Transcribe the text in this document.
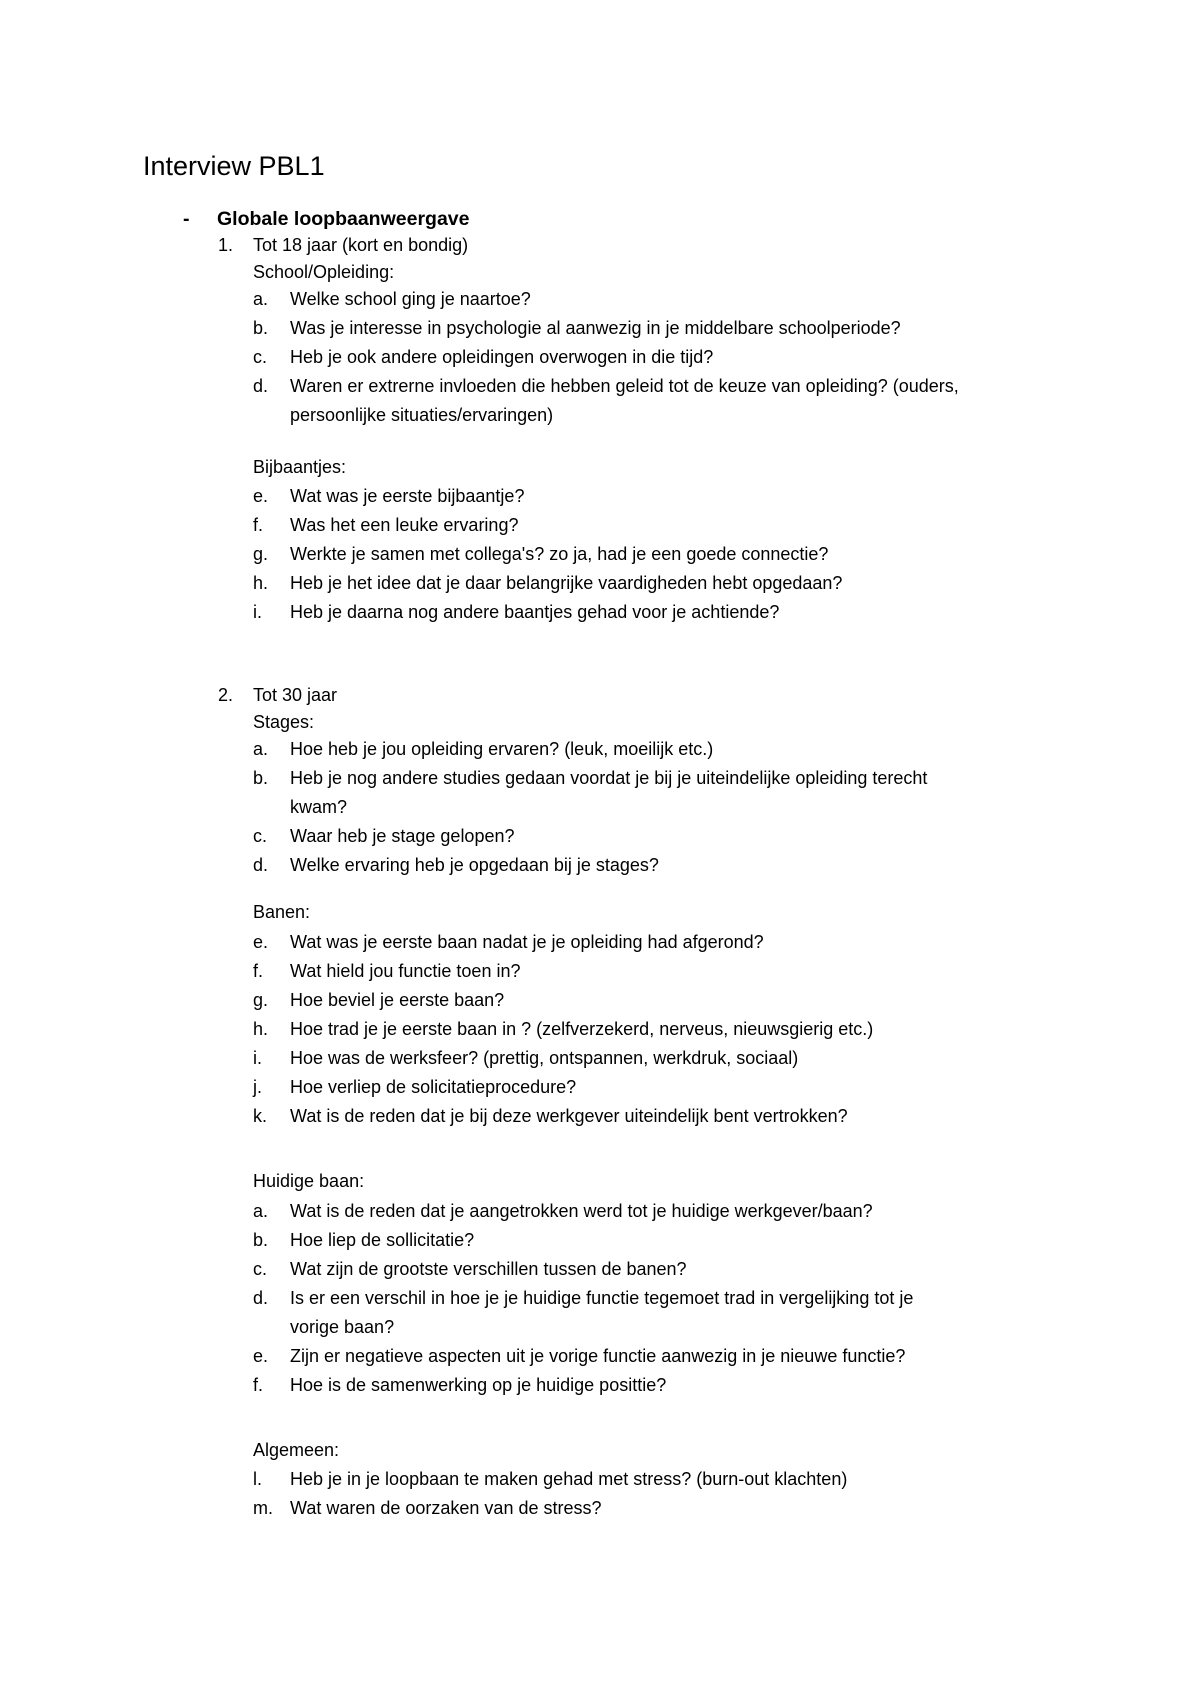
Interview PBL1
- Globale loopbaanweergave
1. Tot 18 jaar (kort en bondig)
School/Opleiding:
a. Welke school ging je naartoe?
b. Was je interesse in psychologie al aanwezig in je middelbare schoolperiode?
c. Heb je ook andere opleidingen overwogen in die tijd?
d. Waren er extrerne invloeden die hebben geleid tot de keuze van opleiding? (ouders,
persoonlijke situaties/ervaringen)
Bijbaantjes:
e. Wat was je eerste bijbaantje?
f. Was het een leuke ervaring?
g. Werkte je samen met collega's? zo ja, had je een goede connectie?
h. Heb je het idee dat je daar belangrijke vaardigheden hebt opgedaan?
i. Heb je daarna nog andere baantjes gehad voor je achtiende?
2. Tot 30 jaar
Stages:
a. Hoe heb je jou opleiding ervaren? (leuk, moeilijk etc.)
b. Heb je nog andere studies gedaan voordat je bij je uiteindelijke opleiding terecht
kwam?
c. Waar heb je stage gelopen?
d. Welke ervaring heb je opgedaan bij je stages?
Banen:
e. Wat was je eerste baan nadat je je opleiding had afgerond?
f. Wat hield jou functie toen in?
g. Hoe beviel je eerste baan?
h. Hoe trad je je eerste baan in ? (zelfverzekerd, nerveus, nieuwsgierig etc.)
i. Hoe was de werksfeer? (prettig, ontspannen, werkdruk, sociaal)
j. Hoe verliep de solicitatieprocedure?
k. Wat is de reden dat je bij deze werkgever uiteindelijk bent vertrokken?
Huidige baan:
a. Wat is de reden dat je aangetrokken werd tot je huidige werkgever/baan?
b. Hoe liep de sollicitatie?
c. Wat zijn de grootste verschillen tussen de banen?
d. Is er een verschil in hoe je je huidige functie tegemoet trad in vergelijking tot je
vorige baan?
e. Zijn er negatieve aspecten uit je vorige functie aanwezig in je nieuwe functie?
f. Hoe is de samenwerking op je huidige posittie?
Algemeen:
l. Heb je in je loopbaan te maken gehad met stress? (burn-out klachten)
m. Wat waren de oorzaken van de stress?
